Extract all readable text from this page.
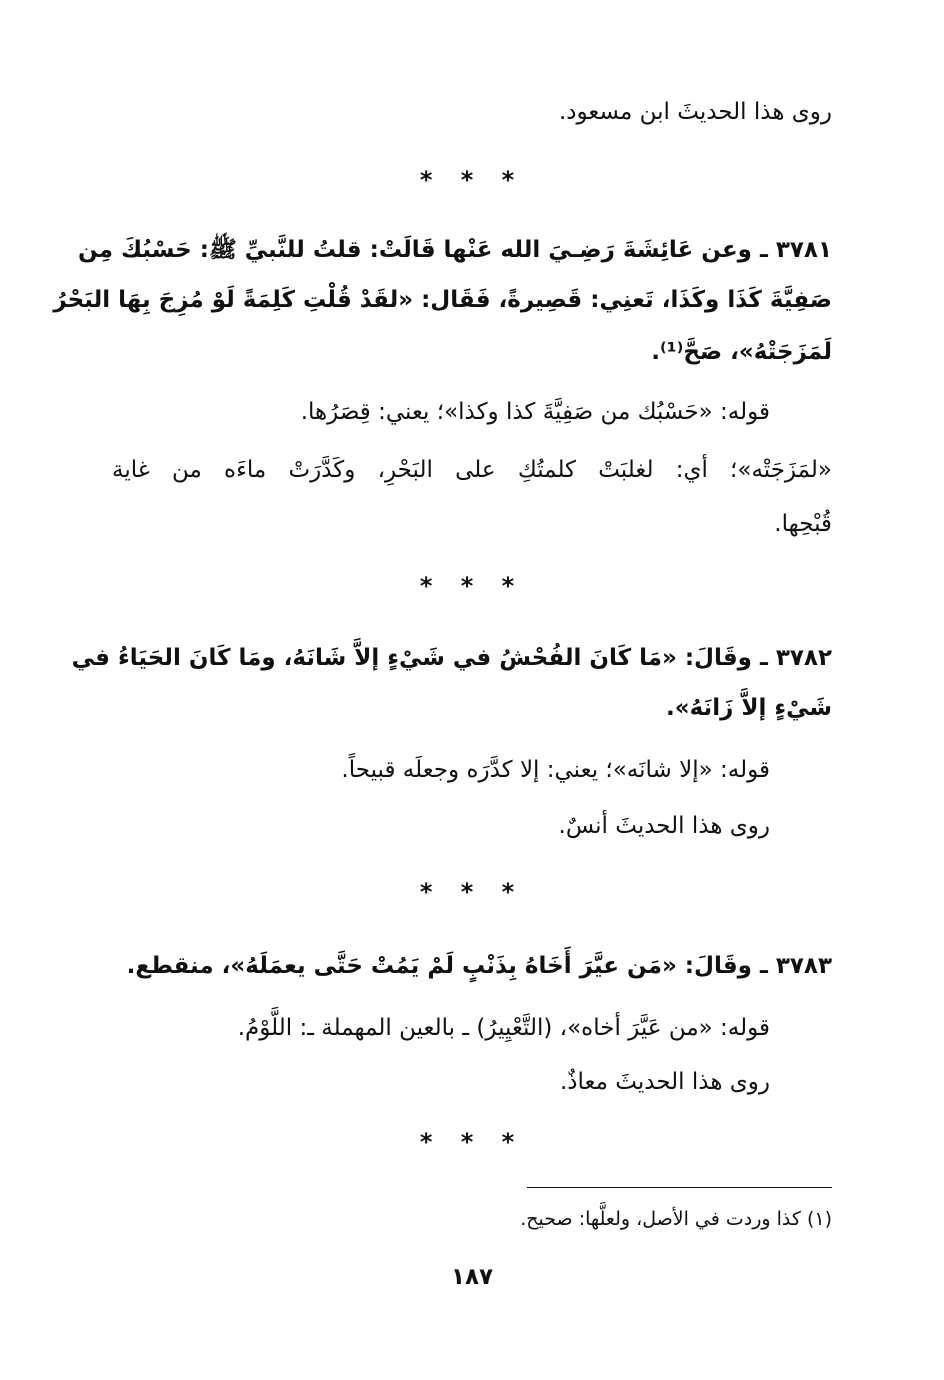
روى هذا الحديثَ ابن مسعود.
* * *
٣٧٨١ ـ وعن عَائِشَةَ رَضِـيَ الله عَنْها قَالَتْ: قلتُ للنَّبيِّ ﷺ: حَسْبُكَ مِن
صَفِيَّةَ كَذَا وكَذَا، تَعنِي: قَصِيرةً، فَقَال: «لقَدْ قُلْتِ كَلِمَةً لَوْ مُزِجَ بِهَا البَحْرُ
لَمَزَجَتْهُ»، صَحَّ⁽¹⁾.
قوله: «حَسْبُك من صَفِيَّةَ كذا وكذا»؛ يعني: قِصَرُها.
«لمَزَجَتْه»؛ أي: لغلبَتْ كلمتُكِ على البَحْرِ، وكَدَّرَتْ ماءَه من غاية
قُبْحِها.
* * *
٣٧٨٢ ـ وقَالَ: «مَا كَانَ الفُحْشُ في شَيْءٍ إلاَّ شَانَهُ، ومَا كَانَ الحَيَاءُ في
شَيْءٍ إلاَّ زَانَهُ».
قوله: «إلا شانَه»؛ يعني: إلا كدَّرَه وجعلَه قبيحاً.
روى هذا الحديثَ أنسٌ.
* * *
٣٧٨٣ ـ وقَالَ: «مَن عيَّرَ أَخَاهُ بِذَنْبٍ لَمْ يَمُتْ حَتَّى يعمَلَهُ»، منقطع.
قوله: «من عَيَّرَ أخاه»، (التَّعْيِيرُ) ـ بالعين المهملة ـ: اللَّوْمُ.
روى هذا الحديثَ معاذٌ.
* * *
(١) كذا وردت في الأصل، ولعلَّها: صحيح.
١٨٧
